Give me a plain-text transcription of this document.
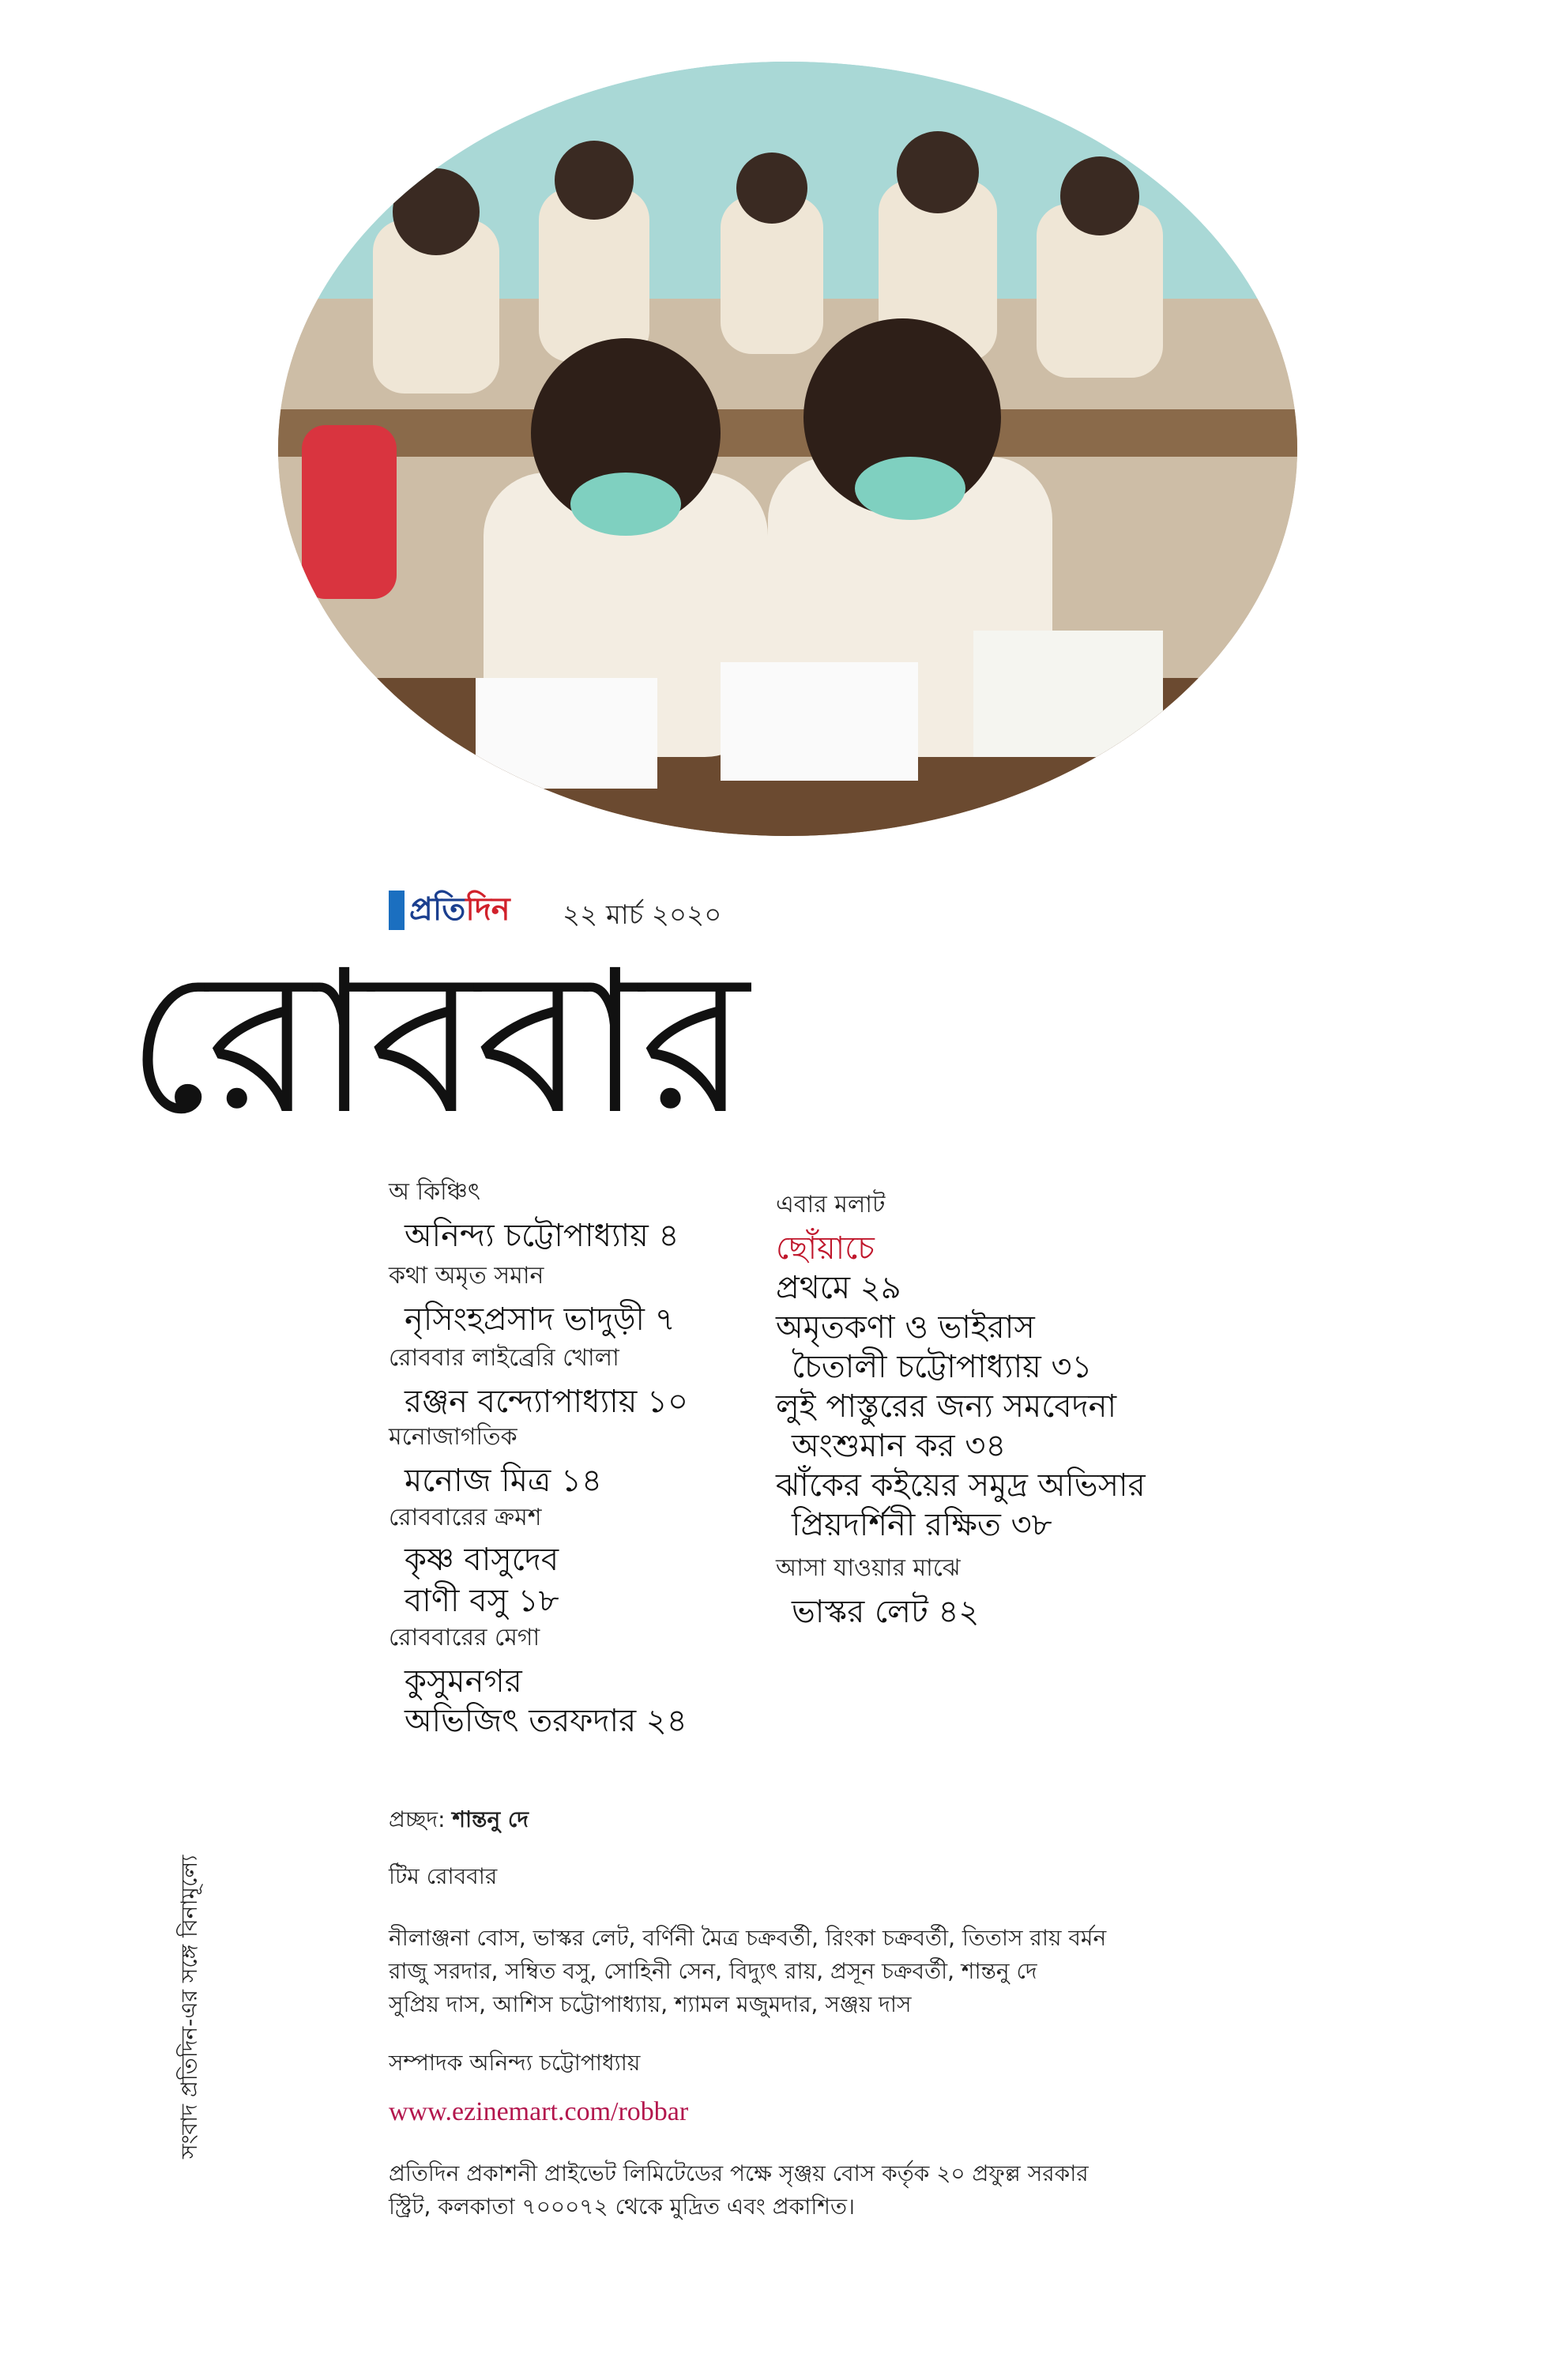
প্রতি দিন ২২ মার্চ ২০২০
রোববার
অ কিঞ্চিৎ
অনিন্দ্য চট্টোপাধ্যায় ৪
কথা অমৃত সমান
নৃসিংহপ্রসাদ ভাদুড়ী ৭
রোববার লাইব্রেরি খোলা
রঞ্জন বন্দ্যোপাধ্যায় ১০
মনোজাগতিক
মনোজ মিত্র ১৪
রোববারের ক্রমশ
কৃষ্ণ বাসুদেব
বাণী বসু ১৮
রোববারের মেগা
কুসুমনগর
অভিজিৎ তরফদার ২৪
এবার মলাট
ছোঁয়াচে
প্রথমে ২৯
অমৃতকণা ও ভাইরাস
চৈতালী চট্টোপাধ্যায় ৩১
লুই পাস্তুরের জন্য সমবেদনা
অংশুমান কর ৩৪
ঝাঁকের কইয়ের সমুদ্র অভিসার
প্রিয়দর্শিনী রক্ষিত ৩৮
আসা যাওয়ার মাঝে
ভাস্কর লেট ৪২
প্রচ্ছদ: শান্তনু দে
টিম রোববার
নীলাঞ্জনা বোস, ভাস্কর লেট, বর্ণিনী মৈত্র চক্রবর্তী, রিংকা চক্রবর্তী, তিতাস রায় বর্মন
রাজু সরদার, সম্বিত বসু, সোহিনী সেন, বিদ্যুৎ রায়, প্রসূন চক্রবর্তী, শান্তনু দে
সুপ্রিয় দাস, আশিস চট্টোপাধ্যায়, শ্যামল মজুমদার, সঞ্জয় দাস
সম্পাদক অনিন্দ্য চট্টোপাধ্যায়
www.ezinemart.com/robbar
প্রতিদিন প্রকাশনী প্রাইভেট লিমিটেডের পক্ষে সৃঞ্জয় বোস কর্তৃক ২০ প্রফুল্ল সরকার
স্ট্রিট, কলকাতা ৭০০০৭২ থেকে মুদ্রিত এবং প্রকাশিত।
সংবাদ প্রতিদিন-এর সঙ্গে বিনামূল্যে
